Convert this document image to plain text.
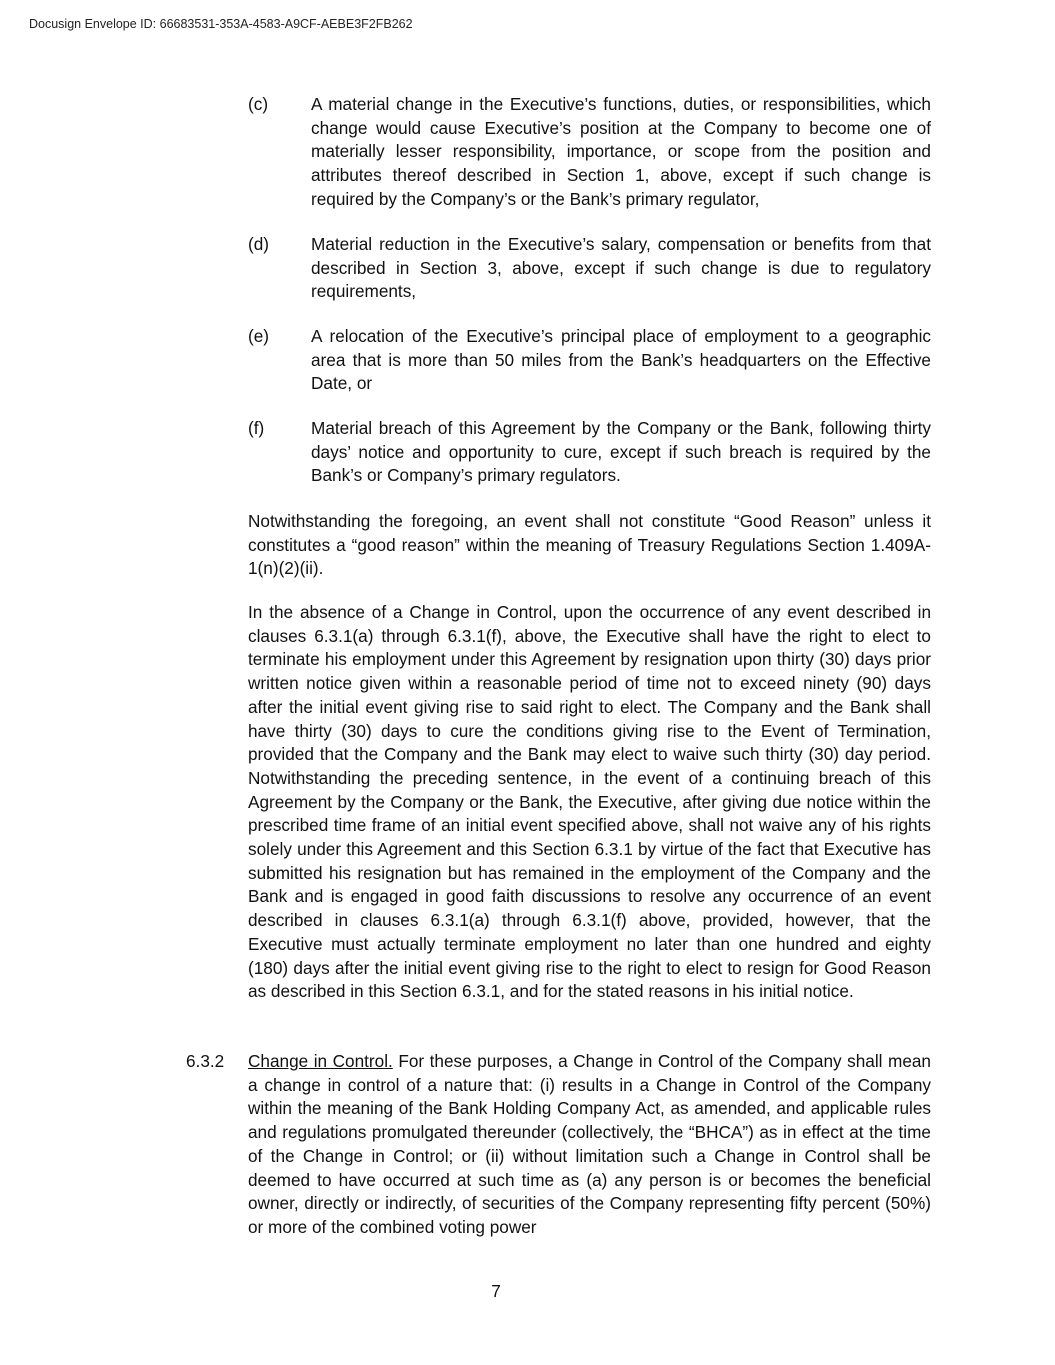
Docusign Envelope ID: 66683531-353A-4583-A9CF-AEBE3F2FB262
(c) A material change in the Executive’s functions, duties, or responsibilities, which change would cause Executive’s position at the Company to become one of materially lesser responsibility, importance, or scope from the position and attributes thereof described in Section 1, above, except if such change is required by the Company’s or the Bank’s primary regulator,
(d) Material reduction in the Executive’s salary, compensation or benefits from that described in Section 3, above, except if such change is due to regulatory requirements,
(e) A relocation of the Executive’s principal place of employment to a geographic area that is more than 50 miles from the Bank’s headquarters on the Effective Date, or
(f)	Material breach of this Agreement by the Company or the Bank, following thirty days’ notice and opportunity to cure, except if such breach is required by the Bank’s or Company’s primary regulators.
Notwithstanding the foregoing, an event shall not constitute “Good Reason” unless it constitutes a “good reason” within the meaning of Treasury Regulations Section 1.409A-1(n)(2)(ii).
In the absence of a Change in Control, upon the occurrence of any event described in clauses 6.3.1(a) through 6.3.1(f), above, the Executive shall have the right to elect to terminate his employment under this Agreement by resignation upon thirty (30) days prior written notice given within a reasonable period of time not to exceed ninety (90) days after the initial event giving rise to said right to elect. The Company and the Bank shall have thirty (30) days to cure the conditions giving rise to the Event of Termination, provided that the Company and the Bank may elect to waive such thirty (30) day period. Notwithstanding the preceding sentence, in the event of a continuing breach of this Agreement by the Company or the Bank, the Executive, after giving due notice within the prescribed time frame of an initial event specified above, shall not waive any of his rights solely under this Agreement and this Section 6.3.1 by virtue of the fact that Executive has submitted his resignation but has remained in the employment of the Company and the Bank and is engaged in good faith discussions to resolve any occurrence of an event described in clauses 6.3.1(a) through 6.3.1(f) above, provided, however, that the Executive must actually terminate employment no later than one hundred and eighty (180) days after the initial event giving rise to the right to elect to resign for Good Reason as described in this Section 6.3.1, and for the stated reasons in his initial notice.
6.3.2 Change in Control. For these purposes, a Change in Control of the Company shall mean a change in control of a nature that: (i) results in a Change in Control of the Company within the meaning of the Bank Holding Company Act, as amended, and applicable rules and regulations promulgated thereunder (collectively, the “BHCA”) as in effect at the time of the Change in Control; or (ii) without limitation such a Change in Control shall be deemed to have occurred at such time as (a) any person is or becomes the beneficial owner, directly or indirectly, of securities of the Company representing fifty percent (50%) or more of the combined voting power
7
